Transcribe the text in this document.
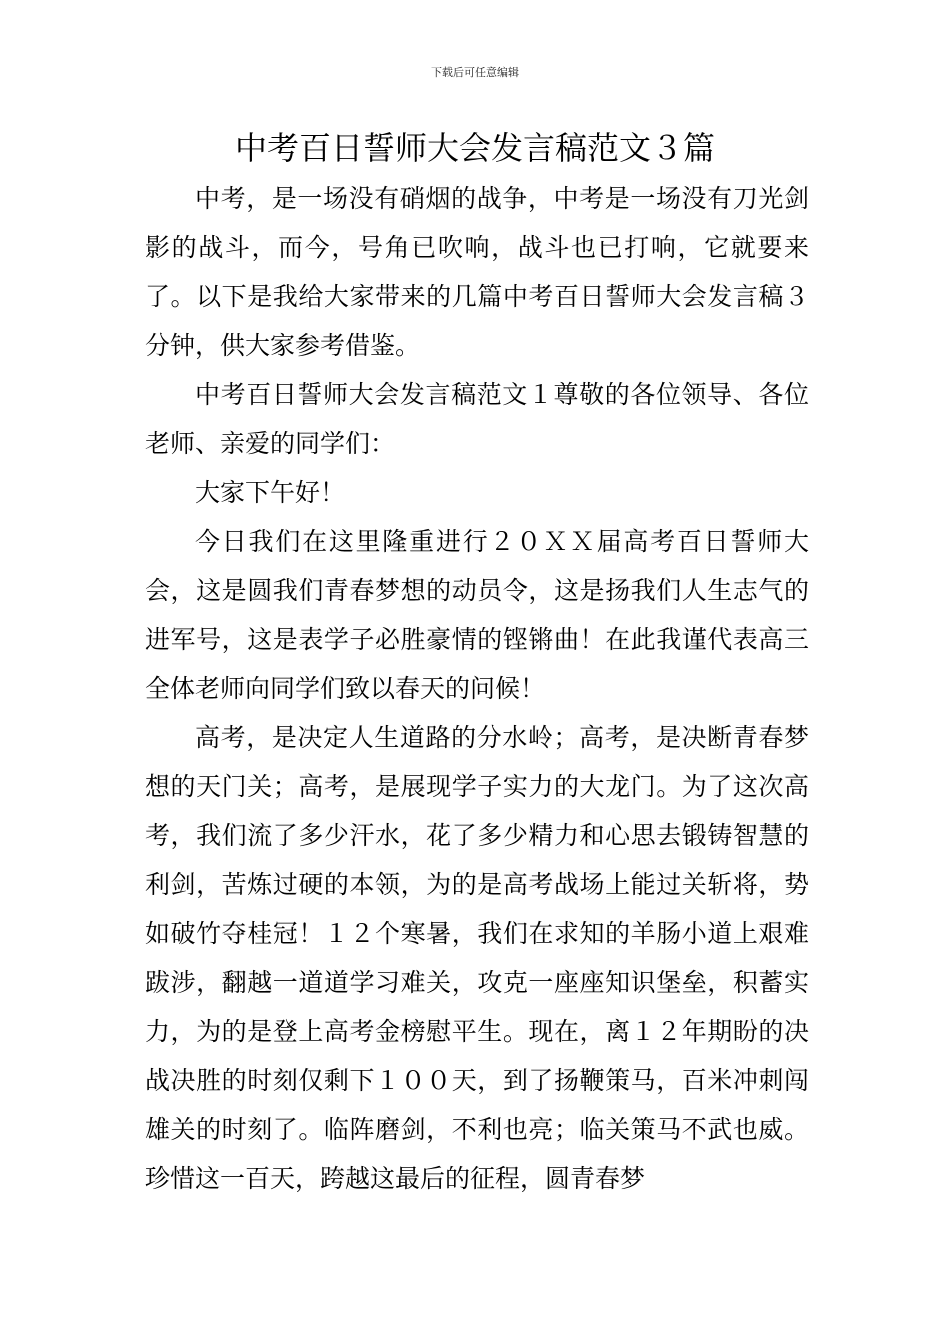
下载后可任意编辑
中考百日誓师大会发言稿范文３篇

中考，是一场没有硝烟的战争，中考是一场没有刀光剑影的战斗，而今，号角已吹响，战斗也已打响，它就要来了。以下是我给大家带来的几篇中考百日誓师大会发言稿３分钟，供大家参考借鉴。

中考百日誓师大会发言稿范文１尊敬的各位领导、各位老师、亲爱的同学们：

大家下午好！

今日我们在这里隆重进行２０ＸＸ届高考百日誓师大会，这是圆我们青春梦想的动员令，这是扬我们人生志气的进军号，这是表学子必胜豪情的铿锵曲！在此我谨代表高三全体老师向同学们致以春天的问候！

高考，是决定人生道路的分水岭；高考，是决断青春梦想的天门关；高考，是展现学子实力的大龙门。为了这次高考，我们流了多少汗水，花了多少精力和心思去锻铸智慧的利剑，苦炼过硬的本领，为的是高考战场上能过关斩将，势如破竹夺桂冠！１２个寒暑，我们在求知的羊肠小道上艰难跋涉，翻越一道道学习难关，攻克一座座知识堡垒，积蓄实力，为的是登上高考金榜慰平生。现在，离１２年期盼的决战决胜的时刻仅剩下１００天，到了扬鞭策马，百米冲刺闯雄关的时刻了。临阵磨剑，不利也亮；临关策马不武也威。珍惜这一百天，跨越这最后的征程，圆青春梦
